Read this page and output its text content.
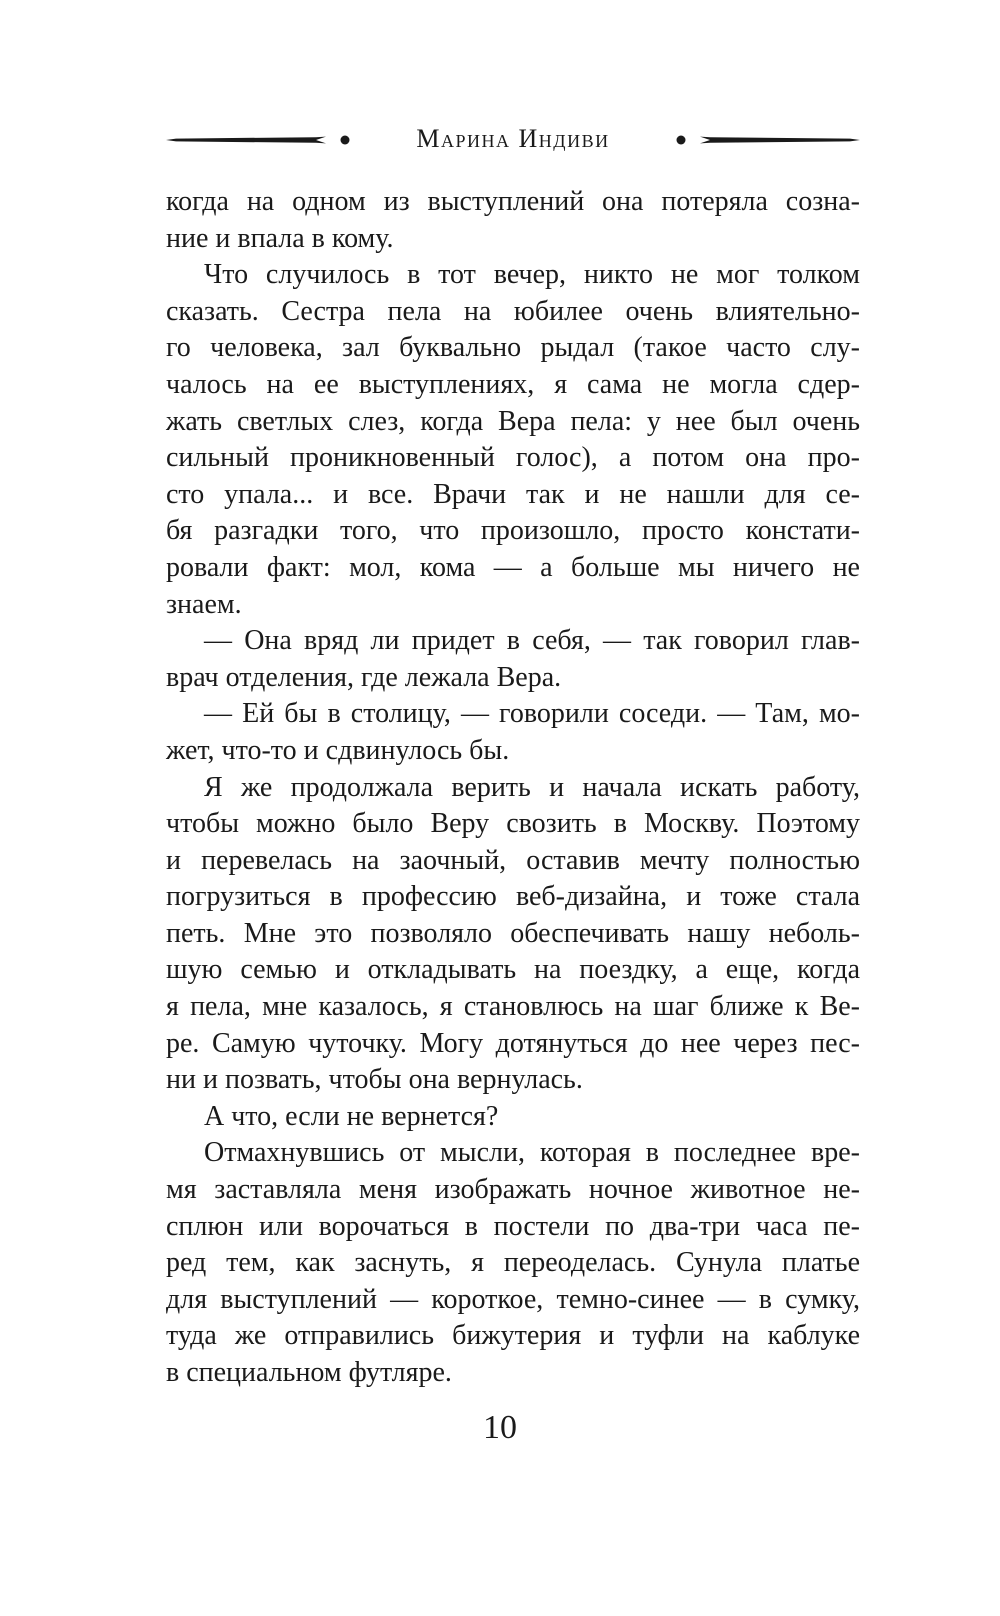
Марина Индиви
когда на одном из выступлений она потеряла созна-
ние и впала в кому.
Что случилось в тот вечер, никто не мог толком
сказать. Сестра пела на юбилее очень влиятельно-
го человека, зал буквально рыдал (такое часто слу-
чалось на ее выступлениях, я сама не могла сдер-
жать светлых слез, когда Вера пела: у нее был очень
сильный проникновенный голос), а потом она про-
сто упала... и все. Врачи так и не нашли для се-
бя разгадки того, что произошло, просто констати-
ровали факт: мол, кома — а больше мы ничего не
знаем.
— Она вряд ли придет в себя, — так говорил глав-
врач отделения, где лежала Вера.
— Ей бы в столицу, — говорили соседи. — Там, мо-
жет, что-то и сдвинулось бы.
Я же продолжала верить и начала искать работу,
чтобы можно было Веру свозить в Москву. Поэтому
и перевелась на заочный, оставив мечту полностью
погрузиться в профессию веб-дизайна, и тоже стала
петь. Мне это позволяло обеспечивать нашу неболь-
шую семью и откладывать на поездку, а еще, когда
я пела, мне казалось, я становлюсь на шаг ближе к Ве-
ре. Самую чуточку. Могу дотянуться до нее через пес-
ни и позвать, чтобы она вернулась.
А что, если не вернется?
Отмахнувшись от мысли, которая в последнее вре-
мя заставляла меня изображать ночное животное не-
сплюн или ворочаться в постели по два-три часа пе-
ред тем, как заснуть, я переоделась. Сунула платье
для выступлений — короткое, темно-синее — в сумку,
туда же отправились бижутерия и туфли на каблуке
в специальном футляре.
10
